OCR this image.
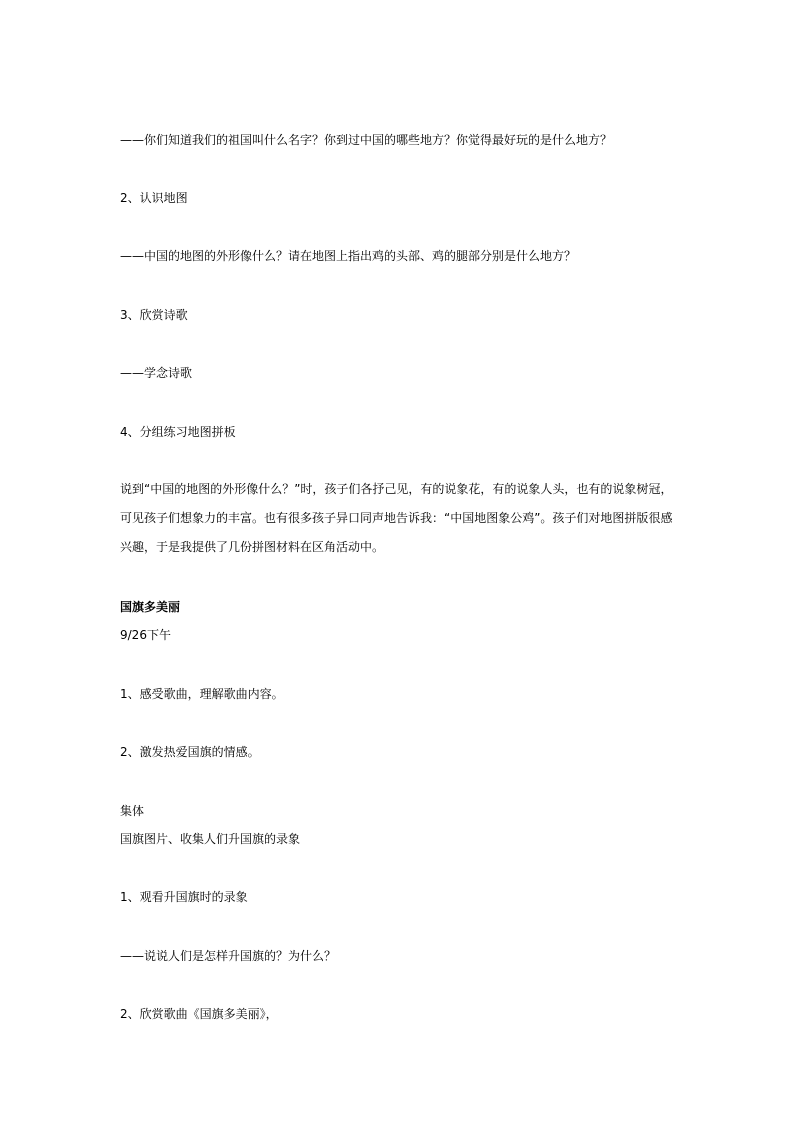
——你们知道我们的祖国叫什么名字？你到过中国的哪些地方？你觉得最好玩的是什么地方？
2、认识地图
——中国的地图的外形像什么？请在地图上指出鸡的头部、鸡的腿部分别是什么地方？
3、欣赏诗歌
——学念诗歌
4、分组练习地图拼板
说到“中国的地图的外形像什么？”时，孩子们各抒己见，有的说象花，有的说象人头，也有的说象树冠，
可见孩子们想象力的丰富。也有很多孩子异口同声地告诉我：“中国地图象公鸡”。孩子们对地图拼版很感
兴趣，于是我提供了几份拼图材料在区角活动中。
国旗多美丽
9/26下午
1、感受歌曲，理解歌曲内容。
2、激发热爱国旗的情感。
集体
国旗图片、收集人们升国旗的录象
1、观看升国旗时的录象
——说说人们是怎样升国旗的？为什么？
2、欣赏歌曲《国旗多美丽》，
